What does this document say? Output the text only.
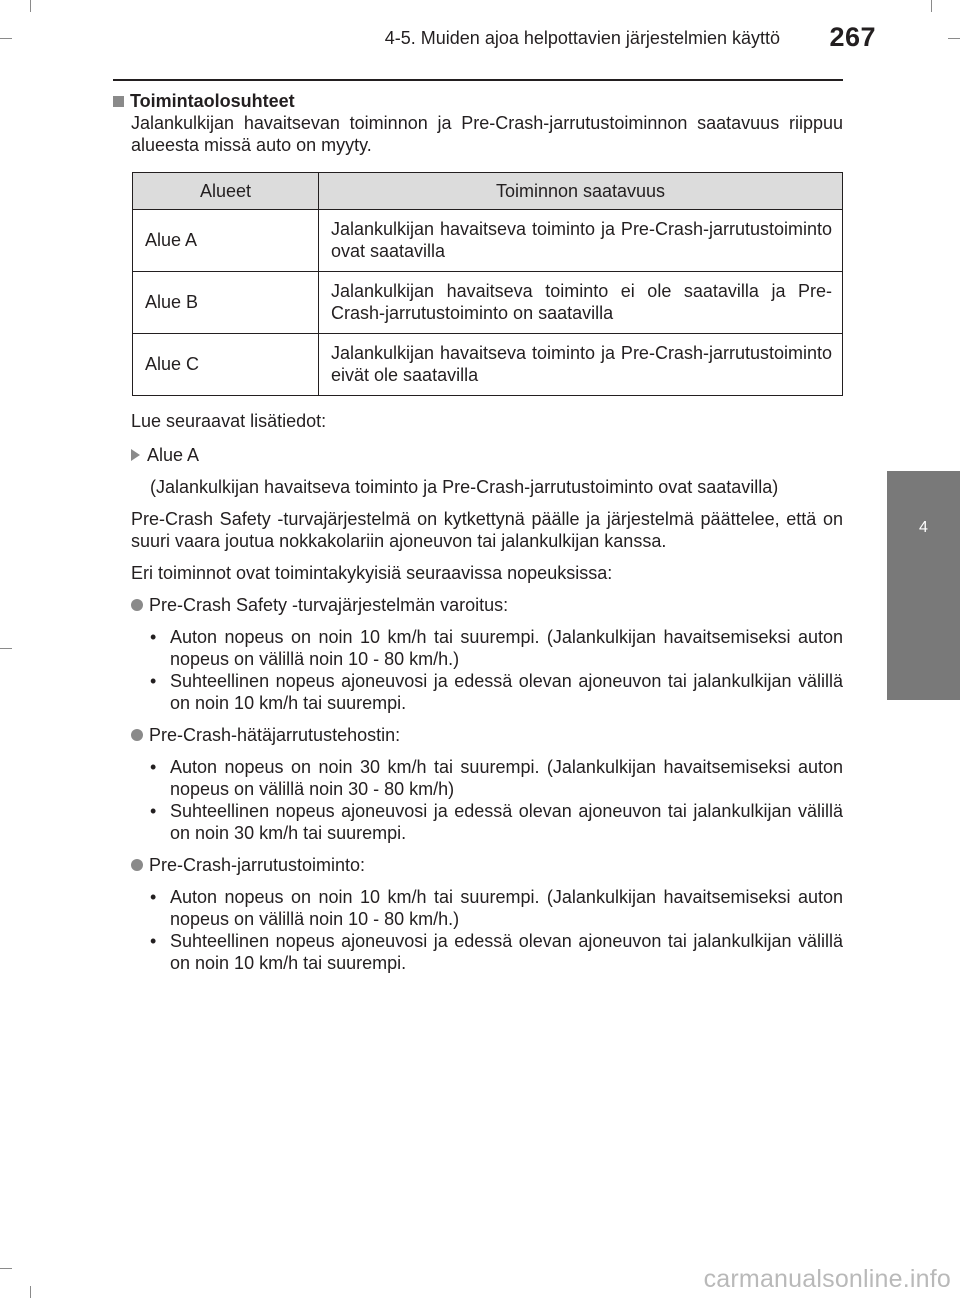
4-5. Muiden ajoa helpottavien järjestelmien käyttö	267
4
Ajaminen
Toimintaolosuhteet
Jalankulkijan havaitsevan toiminnon ja Pre-Crash-jarrutustoiminnon saatavuus riippuu alueesta missä auto on myyty.
Alueet	Toiminnon saatavuus
Alue A	Jalankulkijan havaitseva toiminto ja Pre-Crash-jarrutustoiminto ovat saatavilla
Alue B	Jalankulkijan havaitseva toiminto ei ole saatavilla ja Pre-Crash-jarrutustoiminto on saatavilla
Alue C	Jalankulkijan havaitseva toiminto ja Pre-Crash-jarrutustoiminto eivät ole saatavilla
Lue seuraavat lisätiedot:
Alue A
(Jalankulkijan havaitseva toiminto ja Pre-Crash-jarrutustoiminto ovat saatavilla)
Pre-Crash Safety -turvajärjestelmä on kytkettynä päälle ja järjestelmä päättelee, että on suuri vaara joutua nokkakolariin ajoneuvon tai jalankulkijan kanssa.
Eri toiminnot ovat toimintakykyisiä seuraavissa nopeuksissa:
Pre-Crash Safety -turvajärjestelmän varoitus:
• Auton nopeus on noin 10 km/h tai suurempi. (Jalankulkijan havaitsemiseksi auton nopeus on välillä noin 10 - 80 km/h.)
• Suhteellinen nopeus ajoneuvosi ja edessä olevan ajoneuvon tai jalankulkijan välillä on noin 10 km/h tai suurempi.
Pre-Crash-hätäjarrutustehostin:
• Auton nopeus on noin 30 km/h tai suurempi. (Jalankulkijan havaitsemiseksi auton nopeus on välillä noin 30 - 80 km/h)
• Suhteellinen nopeus ajoneuvosi ja edessä olevan ajoneuvon tai jalankulkijan välillä on noin 30 km/h tai suurempi.
Pre-Crash-jarrutustoiminto:
• Auton nopeus on noin 10 km/h tai suurempi. (Jalankulkijan havaitsemiseksi auton nopeus on välillä noin 10 - 80 km/h.)
• Suhteellinen nopeus ajoneuvosi ja edessä olevan ajoneuvon tai jalankulkijan välillä on noin 10 km/h tai suurempi.
carmanualsonline.info
